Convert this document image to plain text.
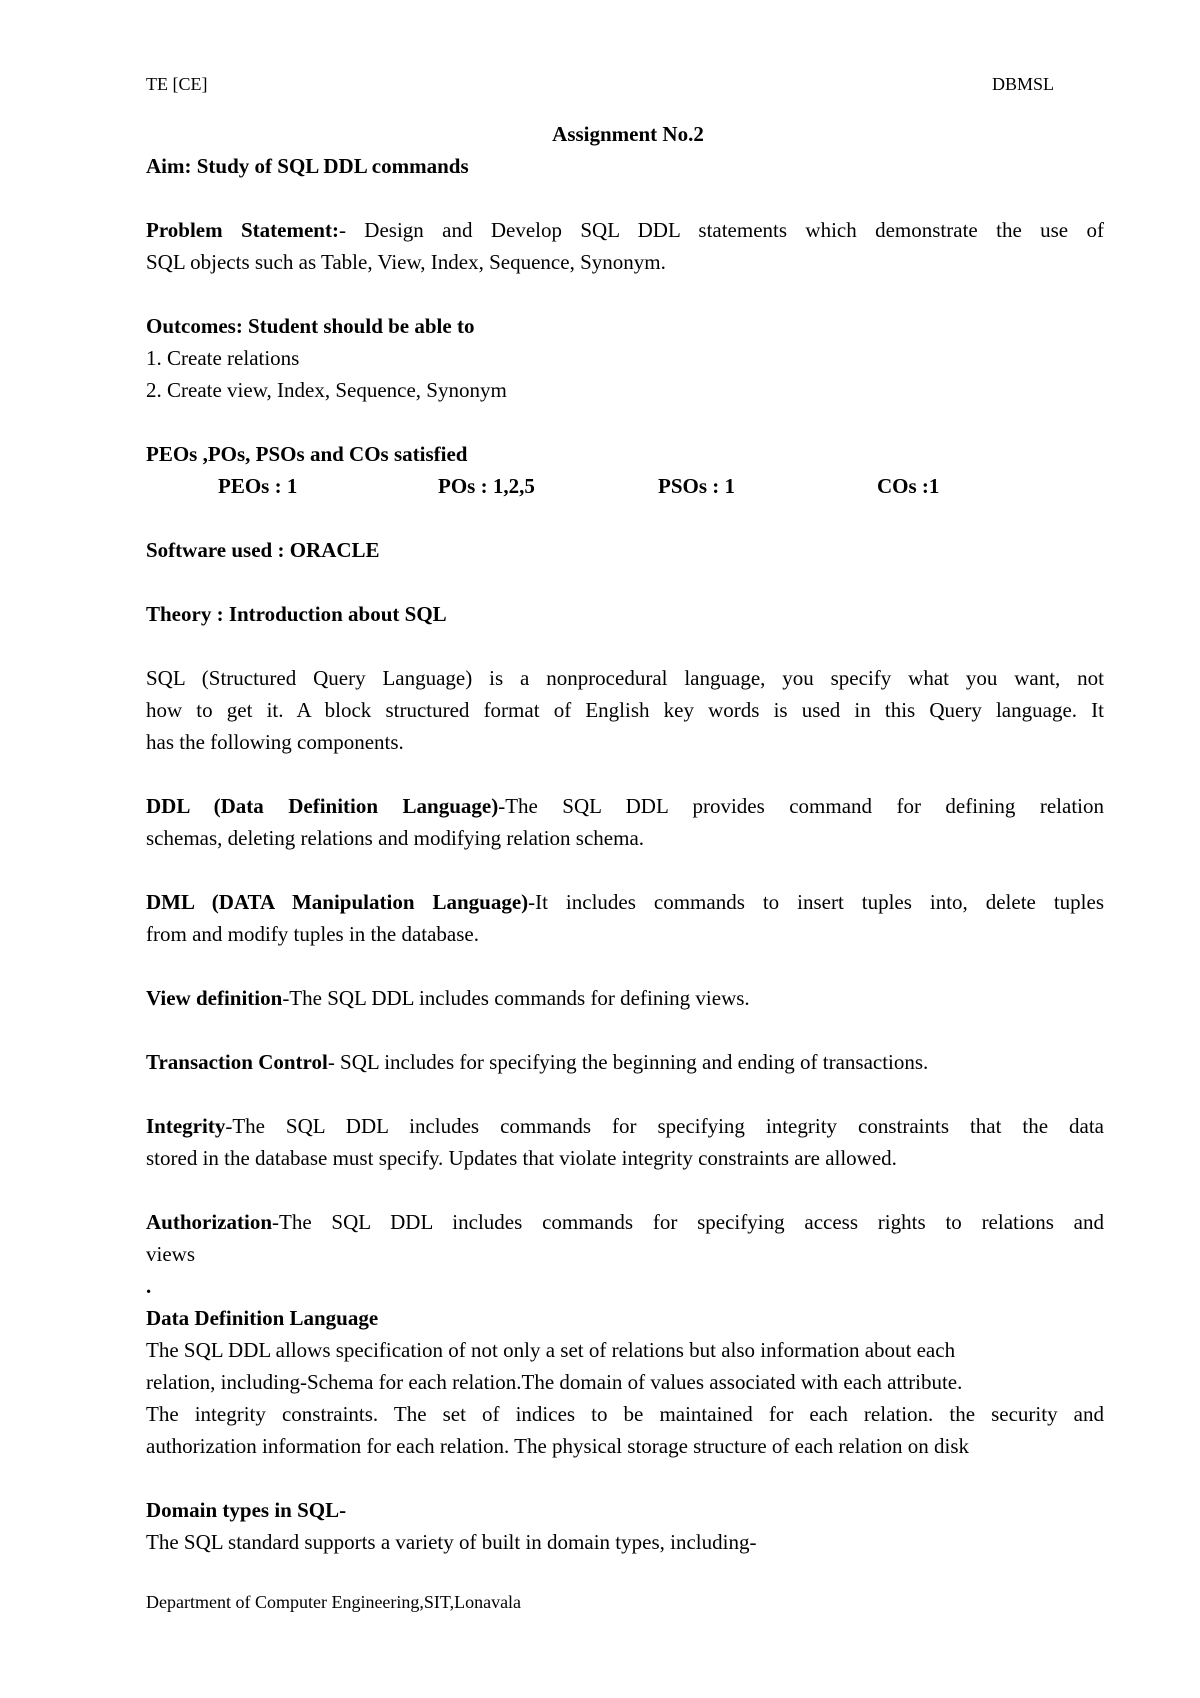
TE [CE]	DBMSL
Assignment No.2
Aim: Study of SQL DDL commands
Problem Statement:- Design and Develop SQL DDL statements which demonstrate the use of
SQL objects such as Table, View, Index, Sequence, Synonym.
Outcomes: Student should be able to
1. Create relations
2. Create view, Index, Sequence, Synonym
PEOs ,POs, PSOs and COs satisfied
PEOs : 1	POs : 1,2,5	PSOs : 1	COs :1
Software used : ORACLE
Theory : Introduction about SQL
SQL (Structured Query Language) is a nonprocedural language, you specify what you want, not
how to get it. A block structured format of English key words is used in this Query language. It
has the following components.
DDL (Data Definition Language)-The SQL DDL provides command for defining relation
schemas, deleting relations and modifying relation schema.
DML (DATA Manipulation Language)-It includes commands to insert tuples into, delete tuples
from and modify tuples in the database.
View definition-The SQL DDL includes commands for defining views.
Transaction Control- SQL includes for specifying the beginning and ending of transactions.
Integrity-The SQL DDL includes commands for specifying integrity constraints that the data
stored in the database must specify. Updates that violate integrity constraints are allowed.
Authorization-The SQL DDL includes commands for specifying access rights to relations and
views
.
Data Definition Language
The SQL DDL allows specification of not only a set of relations but also information about each
relation, including-Schema for each relation.The domain of values associated with each attribute.
The integrity constraints. The set of indices to be maintained for each relation. the security and
authorization information for each relation. The physical storage structure of each relation on disk
Domain types in SQL-
The SQL standard supports a variety of built in domain types, including-
Department of Computer Engineering,SIT,Lonavala
